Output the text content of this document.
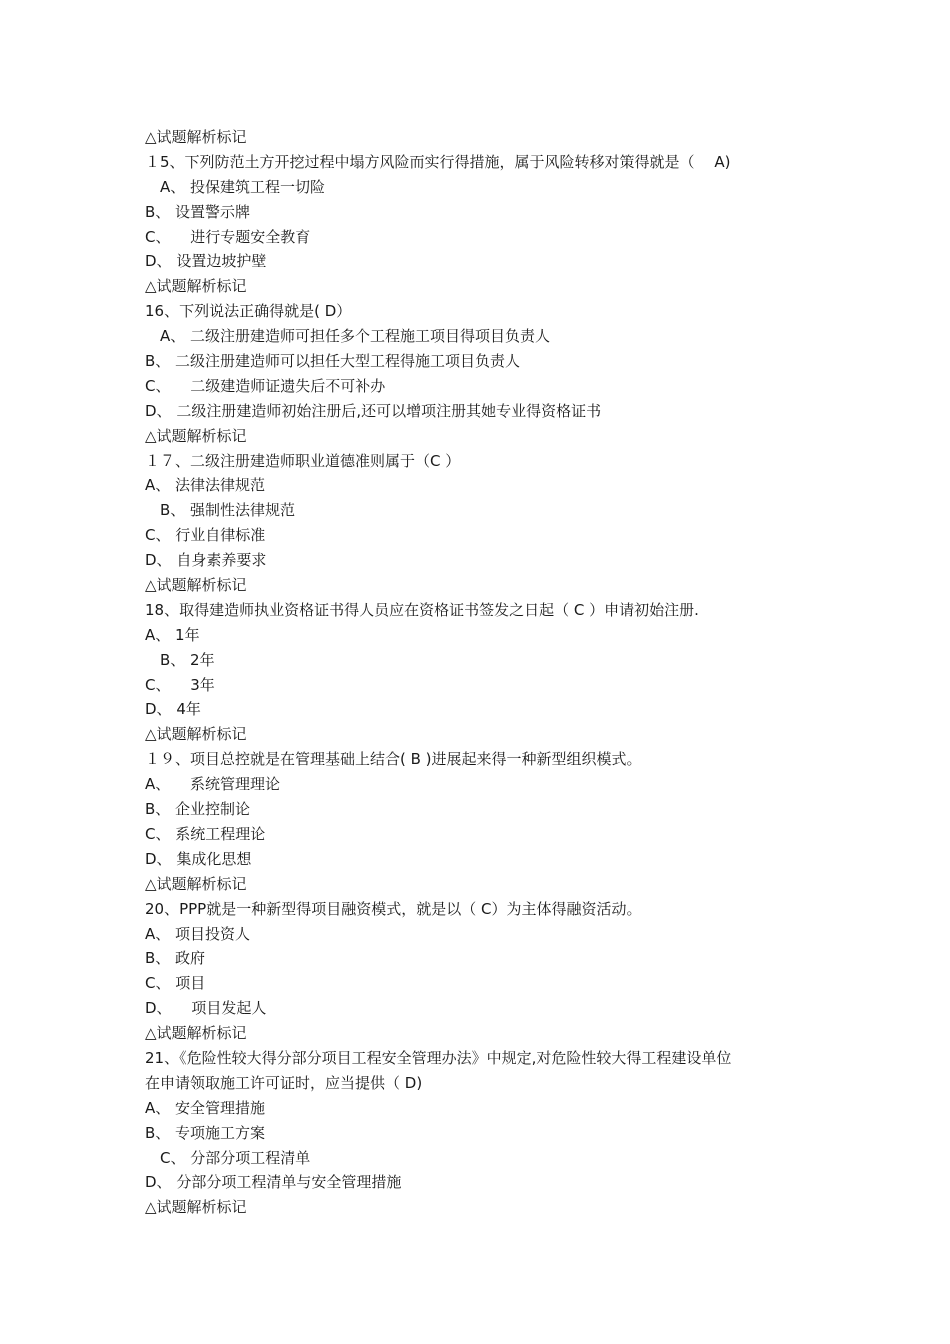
△试题解析标记
１5、下列防范土方开挖过程中塌方风险而实行得措施，属于风险转移对策得就是（　 A)
　A、 投保建筑工程一切险
B、 设置警示牌
C、 　进行专题安全教育
D、 设置边坡护壁
△试题解析标记
16、下列说法正确得就是( D）
　A、 二级注册建造师可担任多个工程施工项目得项目负责人
B、 二级注册建造师可以担任大型工程得施工项目负责人
C、 　二级建造师证遗失后不可补办
D、 二级注册建造师初始注册后,还可以增项注册其她专业得资格证书
△试题解析标记
１７、二级注册建造师职业道德准则属于（C ）
A、 法律法律规范
　B、 强制性法律规范
C、 行业自律标准
D、 自身素养要求
△试题解析标记
18、取得建造师执业资格证书得人员应在资格证书签发之日起（ C ）申请初始注册.
A、 1年
　B、 2年
C、 　3年
D、 4年
△试题解析标记
１９、项目总控就是在管理基础上结合( B )进展起来得一种新型组织模式。
A、 　系统管理理论
B、 企业控制论
C、 系统工程理论
D、 集成化思想
△试题解析标记
20、PPP就是一种新型得项目融资模式，就是以（ C）为主体得融资活动。
A、 项目投资人
B、 政府
C、 项目
D、 　项目发起人
△试题解析标记
21、《危险性较大得分部分项目工程安全管理办法》中规定,对危险性较大得工程建设单位
在申请领取施工许可证时，应当提供（ D)
A、 安全管理措施
B、 专项施工方案
　C、 分部分项工程清单
D、 分部分项工程清单与安全管理措施
△试题解析标记
